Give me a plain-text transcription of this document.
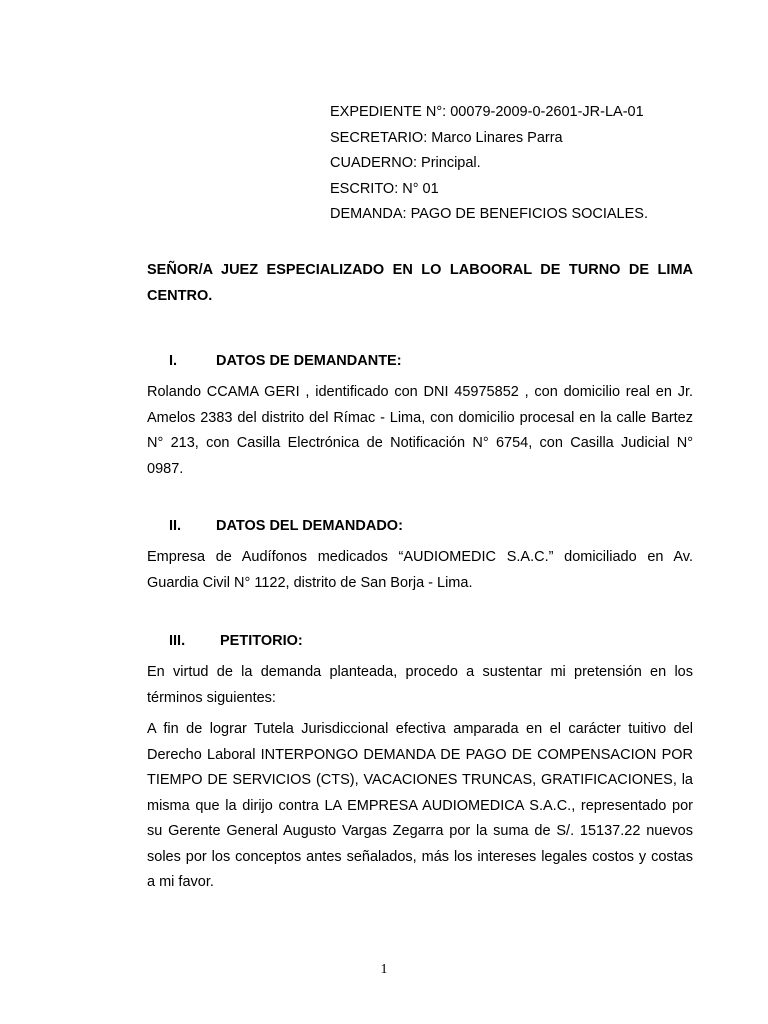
EXPEDIENTE N°: 00079-2009-0-2601-JR-LA-01
SECRETARIO: Marco Linares Parra
CUADERNO: Principal.
ESCRITO: N° 01
DEMANDA: PAGO DE BENEFICIOS SOCIALES.
SEÑOR/A JUEZ ESPECIALIZADO EN LO LABOORAL DE TURNO DE LIMA CENTRO.
I.	DATOS DE DEMANDANTE:
Rolando CCAMA GERI , identificado con DNI 45975852 , con domicilio real en Jr. Amelos 2383 del distrito del Rímac - Lima, con domicilio procesal en la calle Bartez N° 213, con Casilla Electrónica de Notificación N° 6754, con Casilla Judicial N° 0987.
II. DATOS DEL DEMANDADO:
Empresa de Audífonos medicados “AUDIOMEDIC S.A.C.” domiciliado en Av. Guardia Civil N° 1122, distrito de San Borja - Lima.
III. PETITORIO:
En virtud de la demanda planteada, procedo a sustentar mi pretensión en los términos siguientes:
A fin de lograr Tutela Jurisdiccional efectiva amparada en el carácter tuitivo del Derecho Laboral INTERPONGO DEMANDA DE PAGO DE COMPENSACION POR TIEMPO DE SERVICIOS (CTS), VACACIONES TRUNCAS, GRATIFICACIONES, la misma que la dirijo contra LA EMPRESA AUDIOMEDICA S.A.C., representado por su Gerente General Augusto Vargas Zegarra por la suma de S/. 15137.22 nuevos soles por los conceptos antes señalados, más los intereses legales costos y costas a mi favor.
1
